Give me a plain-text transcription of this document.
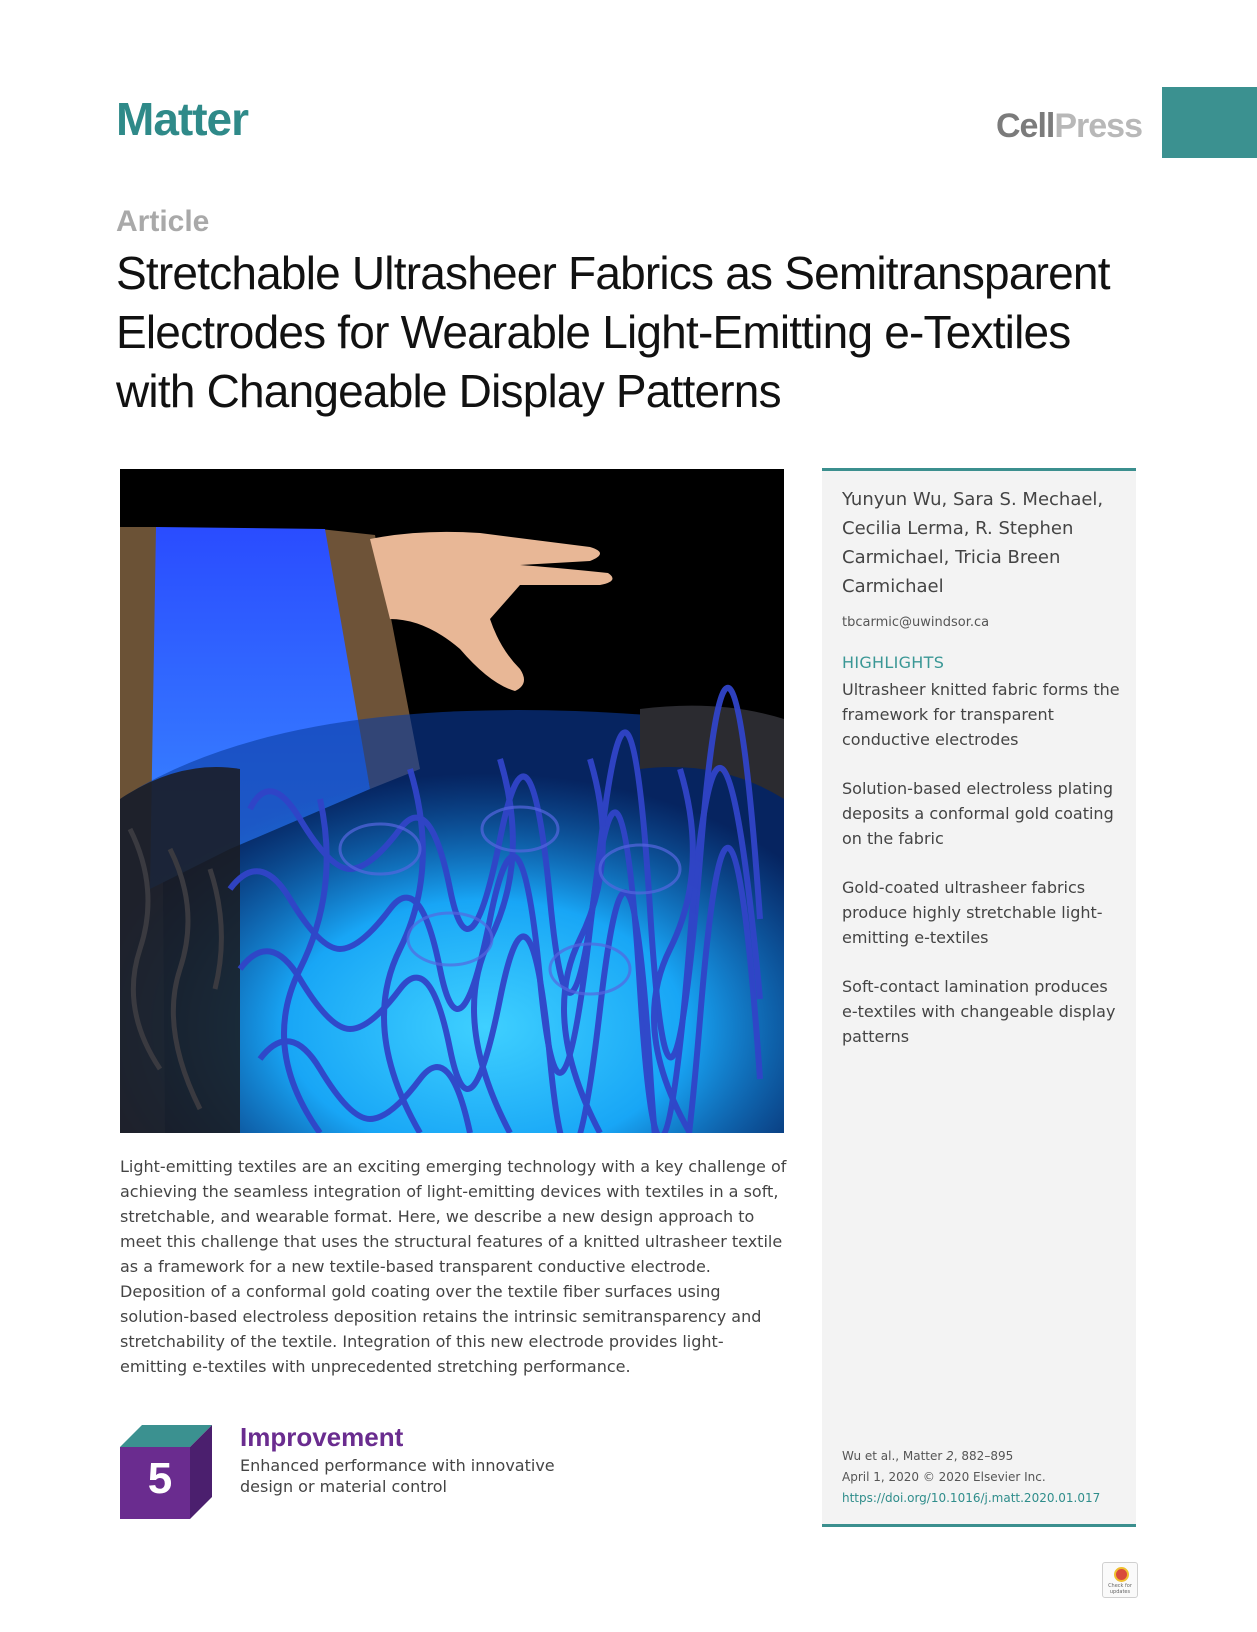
Matter	CellPress
Article
Stretchable Ultrasheer Fabrics as Semitransparent Electrodes for Wearable Light-Emitting e-Textiles with Changeable Display Patterns

Light-emitting textiles are an exciting emerging technology with a key challenge of achieving the seamless integration of light-emitting devices with textiles in a soft, stretchable, and wearable format. Here, we describe a new design approach to meet this challenge that uses the structural features of a knitted ultrasheer textile as a framework for a new textile-based transparent conductive electrode. Deposition of a conformal gold coating over the textile fiber surfaces using solution-based electroless deposition retains the intrinsic semitransparency and stretchability of the textile. Integration of this new electrode provides light-emitting e-textiles with unprecedented stretching performance.

Yunyun Wu, Sara S. Mechael, Cecilia Lerma, R. Stephen Carmichael, Tricia Breen Carmichael
tbcarmic@uwindsor.ca
HIGHLIGHTS
Ultrasheer knitted fabric forms the framework for transparent conductive electrodes
Solution-based electroless plating deposits a conformal gold coating on the fabric
Gold-coated ultrasheer fabrics produce highly stretchable light-emitting e-textiles
Soft-contact lamination produces e-textiles with changeable display patterns
Wu et al., Matter 2, 882–895
April 1, 2020 © 2020 Elsevier Inc.
https://doi.org/10.1016/j.matt.2020.01.017
5
Improvement
Enhanced performance with innovative design or material control
Check for updates
